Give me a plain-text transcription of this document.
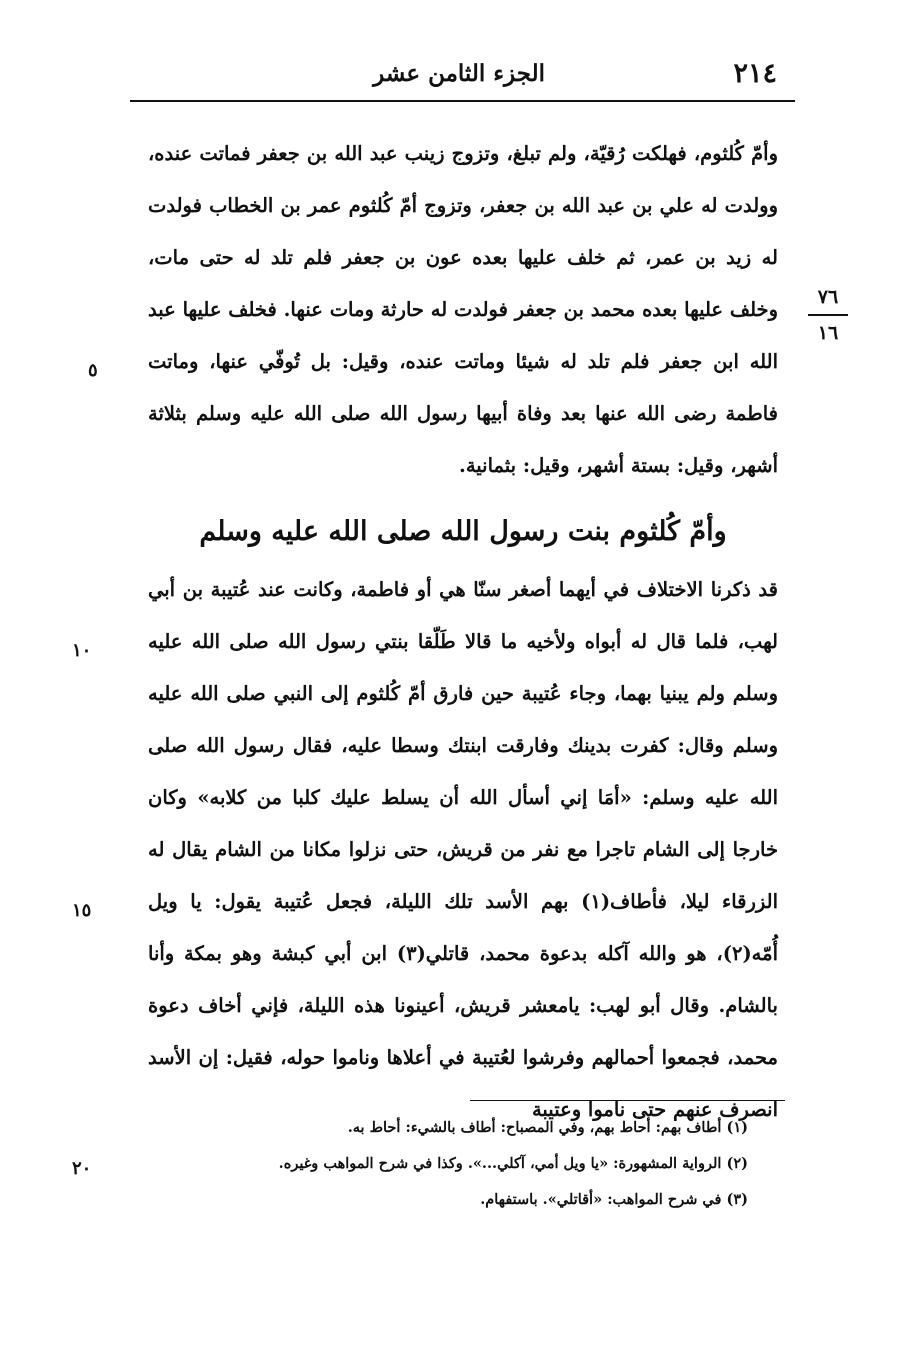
٢١٤
الجزء الثامن عشر
٧٦
١٦
٥
١٠
١٥
٢٠

وأمّ كُلثوم، فهلكت رُقيّة، ولم تبلغ، وتزوج زينب عبد الله بن جعفر فماتت عنده، وولدت له علي بن عبد الله بن جعفر، وتزوج أمّ كُلثوم عمر بن الخطاب فولدت له زيد بن عمر، ثم خلف عليها بعده عون بن جعفر فلم تلد له حتى مات، وخلف عليها بعده محمد بن جعفر فولدت له حارثة ومات عنها. فخلف عليها عبد الله ابن جعفر فلم تلد له شيئا وماتت عنده، وقيل: بل تُوفّي عنها، وماتت فاطمة رضى الله عنها بعد وفاة أبيها رسول الله صلى الله عليه وسلم بثلاثة أشهر، وقيل: بستة أشهر، وقيل: بثمانية.

وأمّ كُلثوم بنت رسول الله صلى الله عليه وسلم

قد ذكرنا الاختلاف في أيهما أصغر سنّا هي أو فاطمة، وكانت عند عُتيبة بن أبي لهب، فلما قال له أبواه ولأخيه ما قالا طَلّقا بنتي رسول الله صلى الله عليه وسلم ولم يبنيا بهما، وجاء عُتيبة حين فارق أمّ كُلثوم إلى النبي صلى الله عليه وسلم وقال: كفرت بدينك وفارقت ابنتك وسطا عليه، فقال رسول الله صلى الله عليه وسلم: «أمَا إني أسأل الله أن يسلط عليك كلبا من كلابه» وكان خارجا إلى الشام تاجرا مع نفر من قريش، حتى نزلوا مكانا من الشام يقال له الزرقاء ليلا، فأطاف(١) بهم الأسد تلك الليلة، فجعل عُتيبة يقول: يا ويل أُمّه(٢)، هو والله آكله بدعوة محمد، قاتلي(٣) ابن أبي كبشة وهو بمكة وأنا بالشام. وقال أبو لهب: يامعشر قريش، أعينونا هذه الليلة، فإني أخاف دعوة محمد، فجمعوا أحمالهم وفرشوا لعُتيبة في أعلاها وناموا حوله، فقيل: إن الأسد انصرف عنهم حتى ناموا وعتيبة

(١) أطاف بهم: أحاط بهم، وفي المصباح: أطاف بالشيء: أحاط به.

(٢) الرواية المشهورة: «يا ويل أمي، آكلي...». وكذا في شرح المواهب وغيره.

(٣) في شرح المواهب: «أقاتلي». باستفهام.
